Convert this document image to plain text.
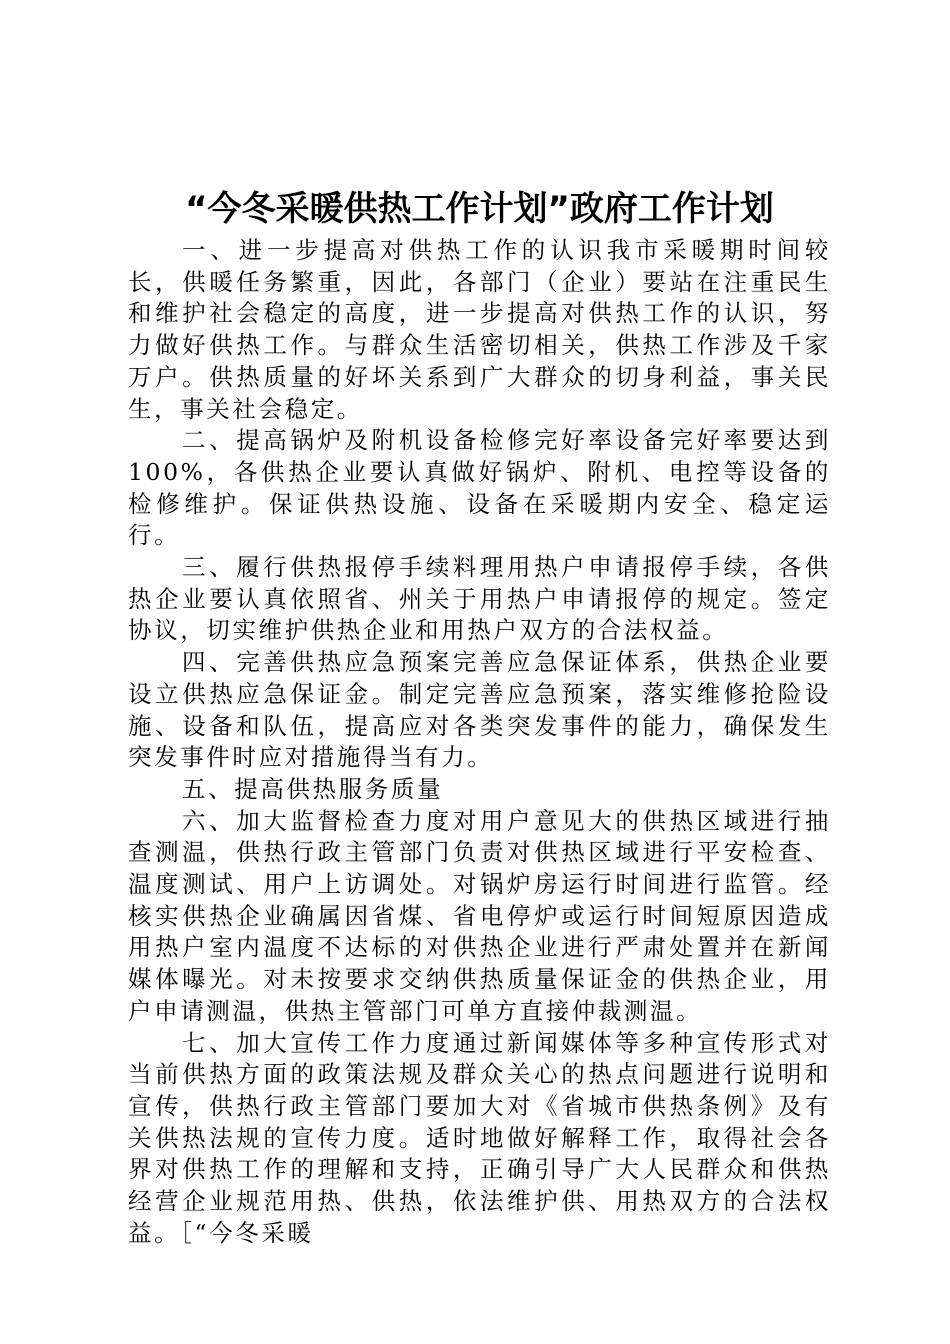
“今冬采暖供热工作计划”政府工作计划

一、进一步提高对供热工作的认识我市采暖期时间较长，供暖任务繁重，因此，各部门（企业）要站在注重民生和维护社会稳定的高度，进一步提高对供热工作的认识，努力做好供热工作。与群众生活密切相关，供热工作涉及千家万户。供热质量的好坏关系到广大群众的切身利益，事关民生，事关社会稳定。

二、提高锅炉及附机设备检修完好率设备完好率要达到100%，各供热企业要认真做好锅炉、附机、电控等设备的检修维护。保证供热设施、设备在采暖期内安全、稳定运行。

三、履行供热报停手续料理用热户申请报停手续，各供热企业要认真依照省、州关于用热户申请报停的规定。签定协议，切实维护供热企业和用热户双方的合法权益。

四、完善供热应急预案完善应急保证体系，供热企业要设立供热应急保证金。制定完善应急预案，落实维修抢险设施、设备和队伍，提高应对各类突发事件的能力，确保发生突发事件时应对措施得当有力。

五、提高供热服务质量

六、加大监督检查力度对用户意见大的供热区域进行抽查测温，供热行政主管部门负责对供热区域进行平安检查、温度测试、用户上访调处。对锅炉房运行时间进行监管。经核实供热企业确属因省煤、省电停炉或运行时间短原因造成用热户室内温度不达标的对供热企业进行严肃处置并在新闻媒体曝光。对未按要求交纳供热质量保证金的供热企业，用户申请测温，供热主管部门可单方直接仲裁测温。

七、加大宣传工作力度通过新闻媒体等多种宣传形式对当前供热方面的政策法规及群众关心的热点问题进行说明和宣传，供热行政主管部门要加大对《省城市供热条例》及有关供热法规的宣传力度。适时地做好解释工作，取得社会各界对供热工作的理解和支持，正确引导广大人民群众和供热经营企业规范用热、供热，依法维护供、用热双方的合法权益。［“今冬采暖
